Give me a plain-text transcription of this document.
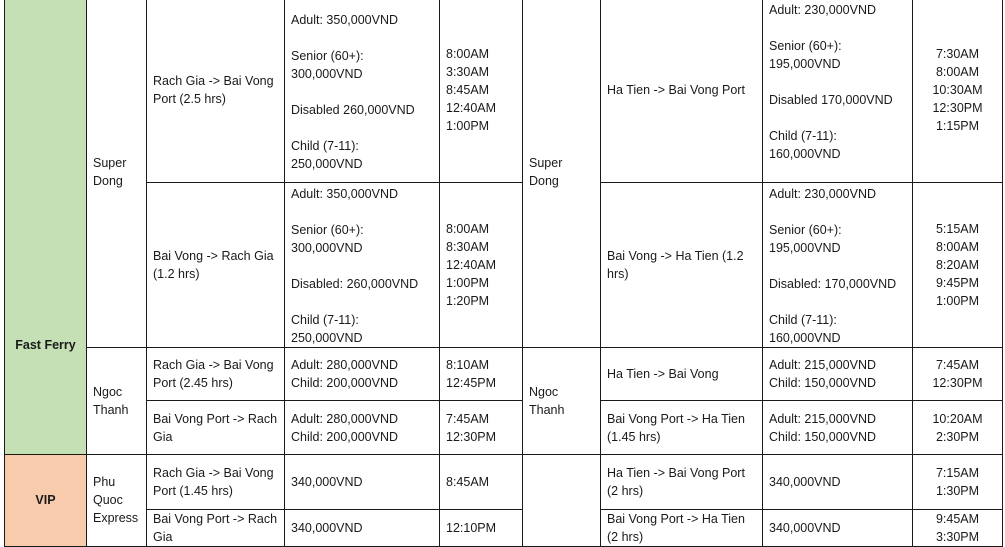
Fast Ferry	Super Dong	Rach Gia -> Bai Vong Port (2.5 hrs)	Adult: 350,000VND
Senior (60+): 300,000VND
Disabled 260,000VND
Child (7-11): 250,000VND	8:00AM
3:30AM
8:45AM
12:40AM
1:00PM	Super Dong	Ha Tien -> Bai Vong Port	Adult: 230,000VND
Senior (60+): 195,000VND
Disabled 170,000VND
Child (7-11): 160,000VND	7:30AM
8:00AM
10:30AM
12:30PM
1:15PM

		Bai Vong -> Rach Gia (1.2 hrs)	Adult: 350,000VND
Senior (60+): 300,000VND
Disabled: 260,000VND
Child (7-11): 250,000VND	8:00AM
8:30AM
12:40AM
1:00PM
1:20PM		Bai Vong -> Ha Tien (1.2 hrs)	Adult: 230,000VND
Senior (60+): 195,000VND
Disabled: 170,000VND
Child (7-11): 160,000VND	5:15AM
8:00AM
8:20AM
9:45PM
1:00PM

	Ngoc Thanh	Rach Gia -> Bai Vong Port (2.45 hrs)	Adult: 280,000VND
Child: 200,000VND	8:10AM
12:45PM	Ngoc Thanh	Ha Tien -> Bai Vong	Adult: 215,000VND
Child: 150,000VND	7:45AM
12:30PM

		Bai Vong Port -> Rach Gia	Adult: 280,000VND
Child: 200,000VND	7:45AM
12:30PM		Bai Vong Port -> Ha Tien (1.45 hrs)	Adult: 215,000VND
Child: 150,000VND	10:20AM
2:30PM

VIP	Phu Quoc Express	Rach Gia -> Bai Vong Port (1.45 hrs)	340,000VND	8:45AM		Ha Tien -> Bai Vong Port (2 hrs)	340,000VND	7:15AM
1:30PM

		Bai Vong Port -> Rach Gia	340,000VND	12:10PM		Bai Vong Port -> Ha Tien (2 hrs)	340,000VND	9:45AM
3:30PM
